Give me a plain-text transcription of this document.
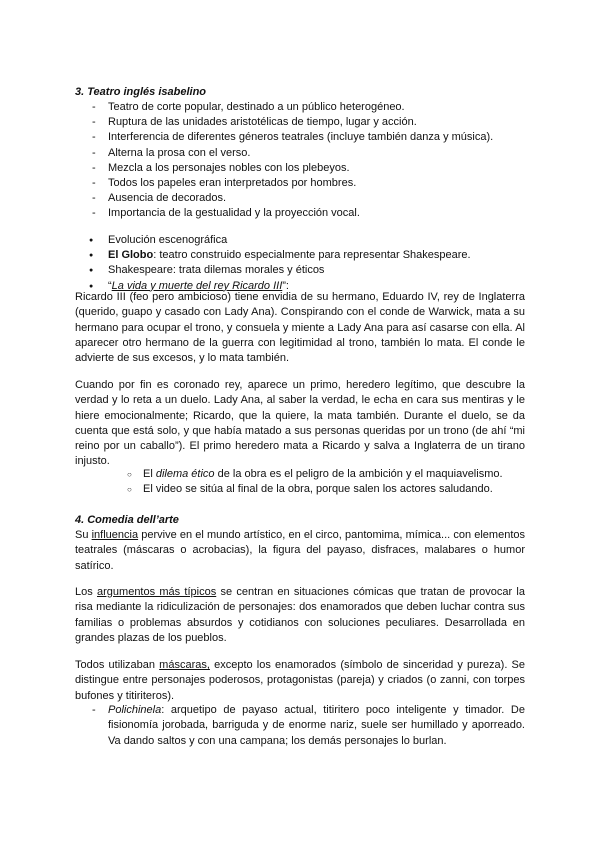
3. Teatro inglés isabelino
- Teatro de corte popular, destinado a un público heterogéneo.
- Ruptura de las unidades aristotélicas de tiempo, lugar y acción.
- Interferencia de diferentes géneros teatrales (incluye también danza y música).
- Alterna la prosa con el verso.
- Mezcla a los personajes nobles con los plebeyos.
- Todos los papeles eran interpretados por hombres.
- Ausencia de decorados.
- Importancia de la gestualidad y la proyección vocal.
● Evolución escenográfica
● El Globo: teatro construido especialmente para representar Shakespeare.
● Shakespeare: trata dilemas morales y éticos
● “La vida y muerte del rey Ricardo III”:

Ricardo III (feo pero ambicioso) tiene envidia de su hermano, Eduardo IV, rey de Inglaterra (querido, guapo y casado con Lady Ana). Conspirando con el conde de Warwick, mata a su hermano para ocupar el trono, y consuela y miente a Lady Ana para así casarse con ella. Al aparecer otro hermano de la guerra con legitimidad al trono, también lo mata. El conde le advierte de sus excesos, y lo mata también.

Cuando por fin es coronado rey, aparece un primo, heredero legítimo, que descubre la verdad y lo reta a un duelo. Lady Ana, al saber la verdad, le echa en cara sus mentiras y le hiere emocionalmente; Ricardo, que la quiere, la mata también. Durante el duelo, se da cuenta que está solo, y que había matado a sus personas queridas por un trono (de ahí “mi reino por un caballo”). El primo heredero mata a Ricardo y salva a Inglaterra de un tirano injusto.

○ El dilema ético de la obra es el peligro de la ambición y el maquiavelismo.
○ El video se sitúa al final de la obra, porque salen los actores saludando.
4. Comedia dell’arte

Su influencia pervive en el mundo artístico, en el circo, pantomima, mímica... con elementos teatrales (máscaras o acrobacias), la figura del payaso, disfraces, malabares o humor satírico.

Los argumentos más típicos se centran en situaciones cómicas que tratan de provocar la risa mediante la ridiculización de personajes: dos enamorados que deben luchar contra sus familias o problemas absurdos y cotidianos con soluciones peculiares. Desarrollada en grandes plazas de los pueblos.

Todos utilizaban máscaras, excepto los enamorados (símbolo de sinceridad y pureza). Se distingue entre personajes poderosos, protagonistas (pareja) y criados (o zanni, con torpes bufones y titiriteros).

- Polichinela: arquetipo de payaso actual, titiritero poco inteligente y timador. De fisionomía jorobada, barriguda y de enorme nariz, suele ser humillado y aporreado. Va dando saltos y con una campana; los demás personajes lo burlan.
